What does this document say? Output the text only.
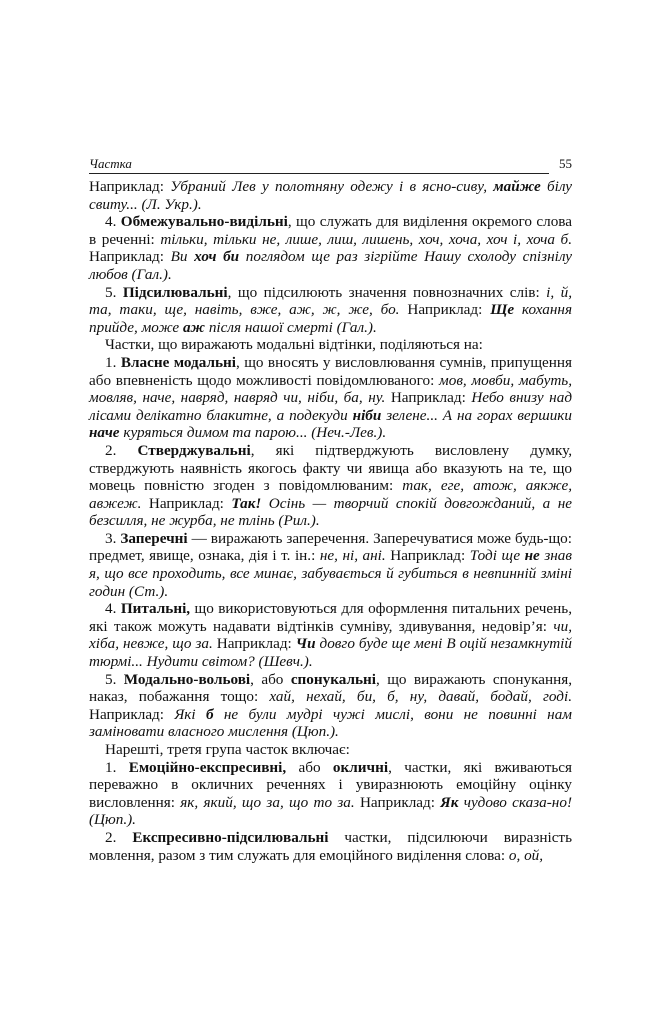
Частка	55

Наприклад: Убраний Лев у полотняну одежу і в ясно-сиву, майже білу свиту... (Л. Укр.).

4. Обмежувально-видільні, що служать для виділення окремого слова в реченні: тільки, тільки не, лише, лиш, лишень, хоч, хоча, хоч і, хоча б. Наприклад: Ви хоч би поглядом ще раз зігрійте Нашу схолоду спізнілу любов (Гал.).

5. Підсилювальні, що підсилюють значення повнозначних слів: і, й, та, таки, ще, навіть, вже, аж, ж, же, бо. Наприклад: Ще кохання прийде, може аж після нашої смерті (Гал.).

Частки, що виражають модальні відтінки, поділяються на:

1. Власне модальні, що вносять у висловлювання сумнів, припущення або впевненість щодо можливості повідомлюваного: мов, мовби, мабуть, мовляв, наче, навряд, навряд чи, ніби, ба, ну. Наприклад: Небо внизу над лісами делікатно блакитне, а подекуди ніби зелене... А на горах вершики наче куряться димом та парою... (Неч.-Лев.).

2. Стверджувальні, які підтверджують висловлену думку, стверджують наявність якогось факту чи явища або вказують на те, що мовець повністю згоден з повідомлюваним: так, еге, атож, аякже, авжеж. Наприклад: Так! Осінь — творчий спокій довгожданий, а не безсилля, не журба, не тлінь (Рил.).

3. Заперечні — виражають заперечення. Заперечуватися може будь-що: предмет, явище, ознака, дія і т. ін.: не, ні, ані. Наприклад: Тоді ще не знав я, що все проходить, все минає, забувається й губиться в невпинній зміні годин (Ст.).

4. Питальні, що використовуються для оформлення питальних речень, які також можуть надавати відтінків сумніву, здивування, недовір’я: чи, хіба, невже, що за. Наприклад: Чи довго буде ще мені В оцій незамкнутій тюрмі... Нудити світом? (Шевч.).

5. Модально-вольові, або спонукальні, що виражають спонукання, наказ, побажання тощо: хай, нехай, би, б, ну, давай, бодай, годі. Наприклад: Які б не були мудрі чужі мислі, вони не повинні нам заміновати власного мислення (Цюп.).

Нарешті, третя група часток включає:

1. Емоційно-експресивні, або окличні, частки, які вживаються переважно в окличних реченнях і увиразнюють емоційну оцінку висловлення: як, який, що за, що то за. Наприклад: Як чудово сказа-но! (Цюп.).

2. Експресивно-підсилювальні частки, підсилюючи виразність мовлення, разом з тим служать для емоційного виділення слова: о, ой,
